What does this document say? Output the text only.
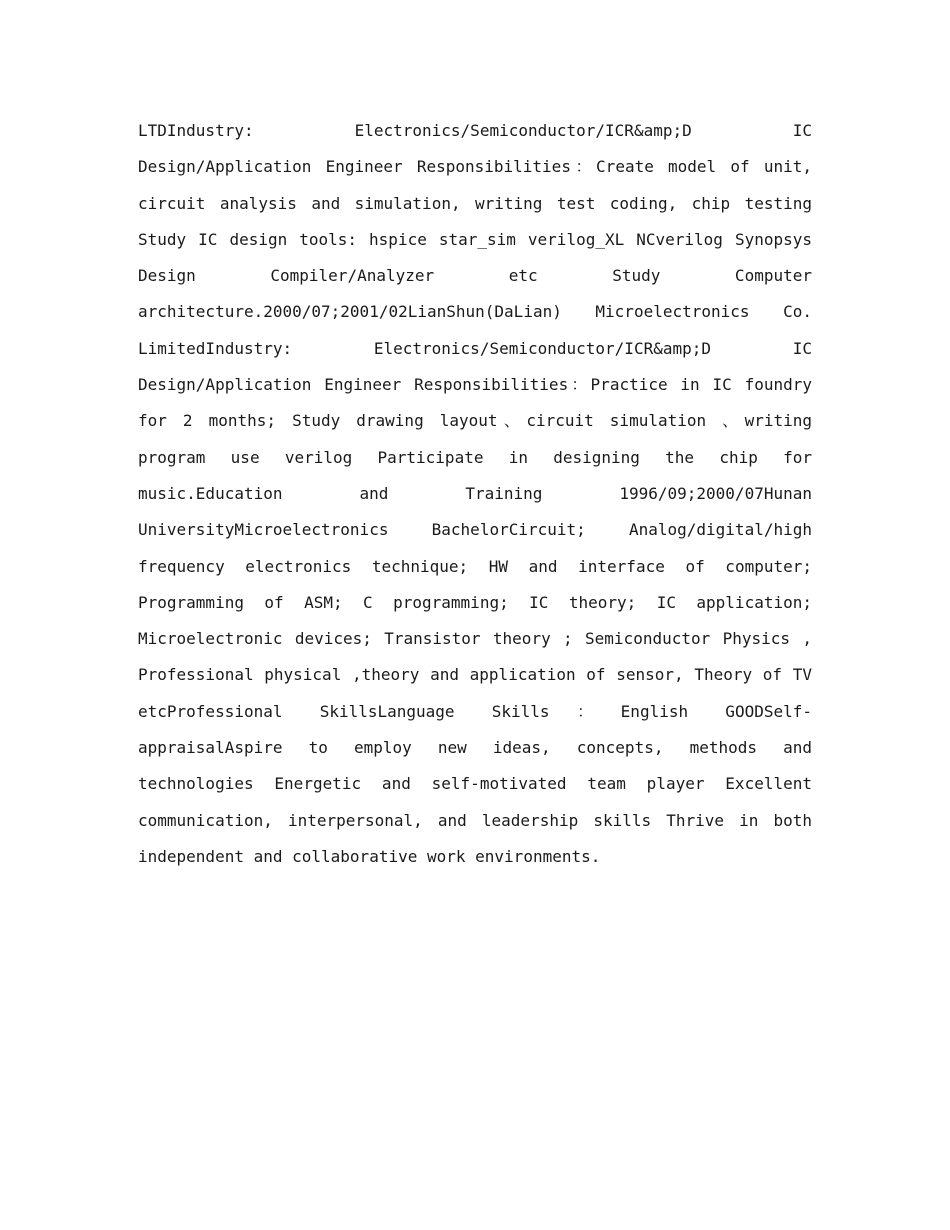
LTDIndustry: Electronics/Semiconductor/ICR&amp;D IC Design/Application Engineer Responsibilities：Create model of unit, circuit analysis and simulation, writing test coding, chip testing Study IC design tools: hspice star_sim verilog_XL NCverilog Synopsys Design Compiler/Analyzer etc Study Computer architecture.2000/07;2001/02LianShun(DaLian) Microelectronics Co. LimitedIndustry: Electronics/Semiconductor/ICR&amp;D IC Design/Application Engineer Responsibilities：Practice in IC foundry for 2 months; Study drawing layout、circuit simulation 、writing program use verilog Participate in designing the chip for music.Education and Training 1996/09;2000/07Hunan UniversityMicroelectronics BachelorCircuit; Analog/digital/high frequency electronics technique; HW and interface of computer; Programming of ASM; C programming; IC theory; IC application; Microelectronic devices; Transistor theory ; Semiconductor Physics , Professional physical ,theory and application of sensor, Theory of TV etcProfessional SkillsLanguage Skills：English GOODSelf-appraisalAspire to employ new ideas, concepts, methods and technologies Energetic and self-motivated team player Excellent communication, interpersonal, and leadership skills Thrive in both independent and collaborative work environments.
